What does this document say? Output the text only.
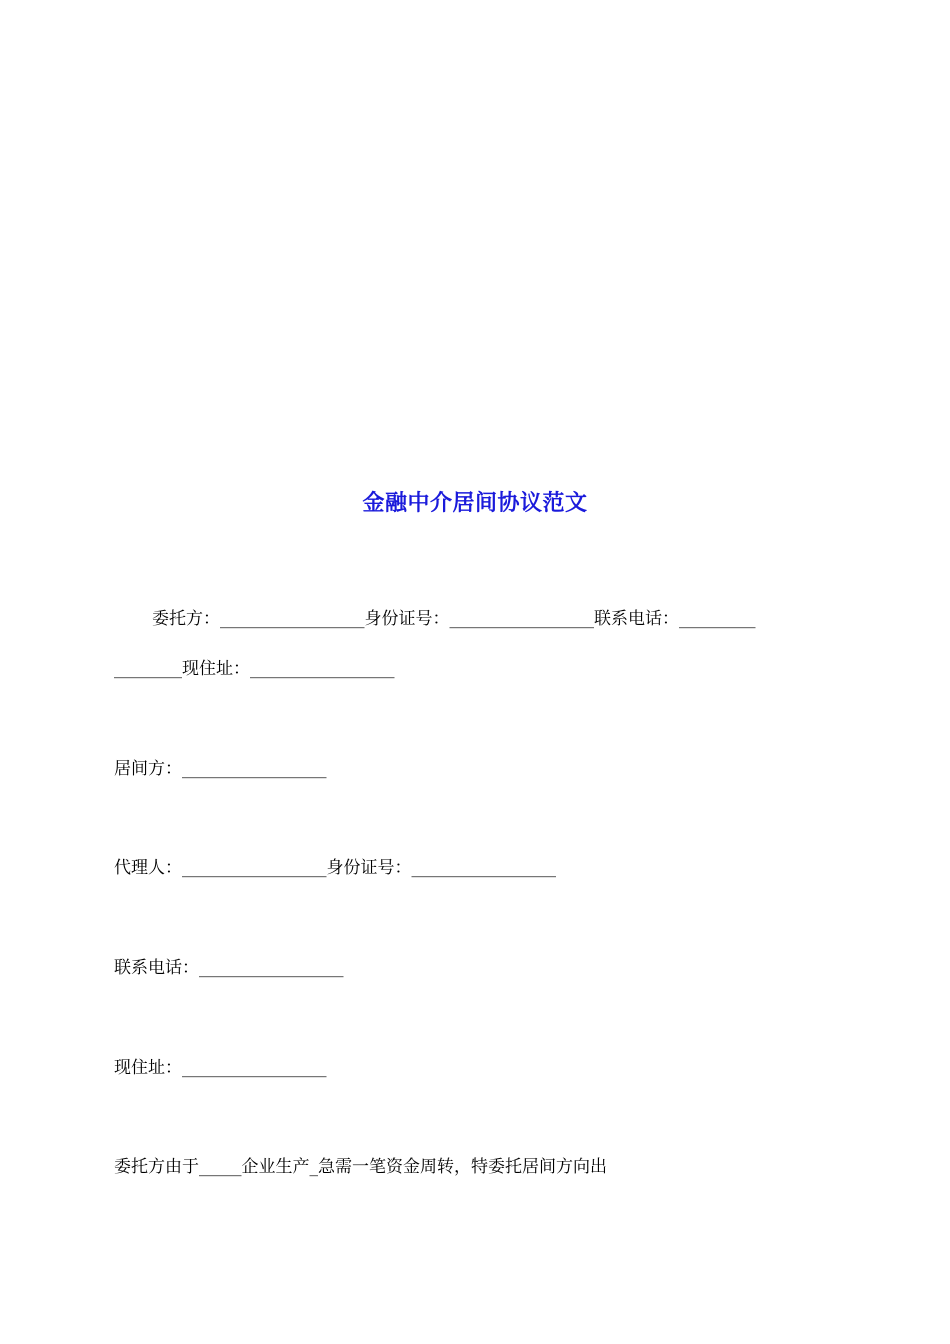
金融中介居间协议范文
委托方：_________________身份证号：_________________联系电话：_________
________现住址：_________________
居间方：_________________
代理人：_________________身份证号：_________________
联系电话：_________________
现住址：_________________
委托方由于_____企业生产_急需一笔资金周转，特委托居间方向出
